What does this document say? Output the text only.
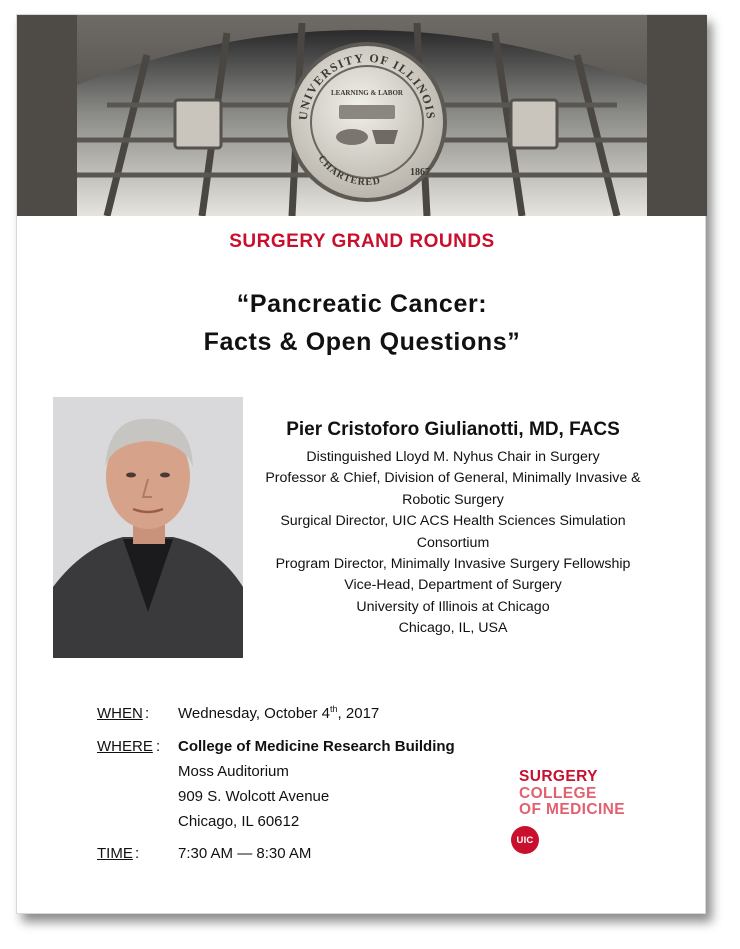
UNIVERSITY OF ILLINOIS
CHARTERED
1867
LEARNING & LABOR
SURGERY GRAND ROUNDS
“Pancreatic Cancer:
Facts & Open Questions”
Pier Cristoforo Giulianotti, MD, FACS
Distinguished Lloyd M. Nyhus Chair in Surgery
Professor & Chief, Division of General, Minimally Invasive &
Robotic Surgery
Surgical Director, UIC ACS Health Sciences Simulation
Consortium
Program Director, Minimally Invasive Surgery Fellowship
Vice-Head, Department of Surgery
University of Illinois at Chicago
Chicago, IL, USA
WHEN : Wednesday, October 4th, 2017
WHERE : College of Medicine Research Building
Moss Auditorium
909 S. Wolcott Avenue
Chicago, IL 60612
TIME :	7:30 AM — 8:30 AM
SURGERY
COLLEGE
OF MEDICINE
UIC
